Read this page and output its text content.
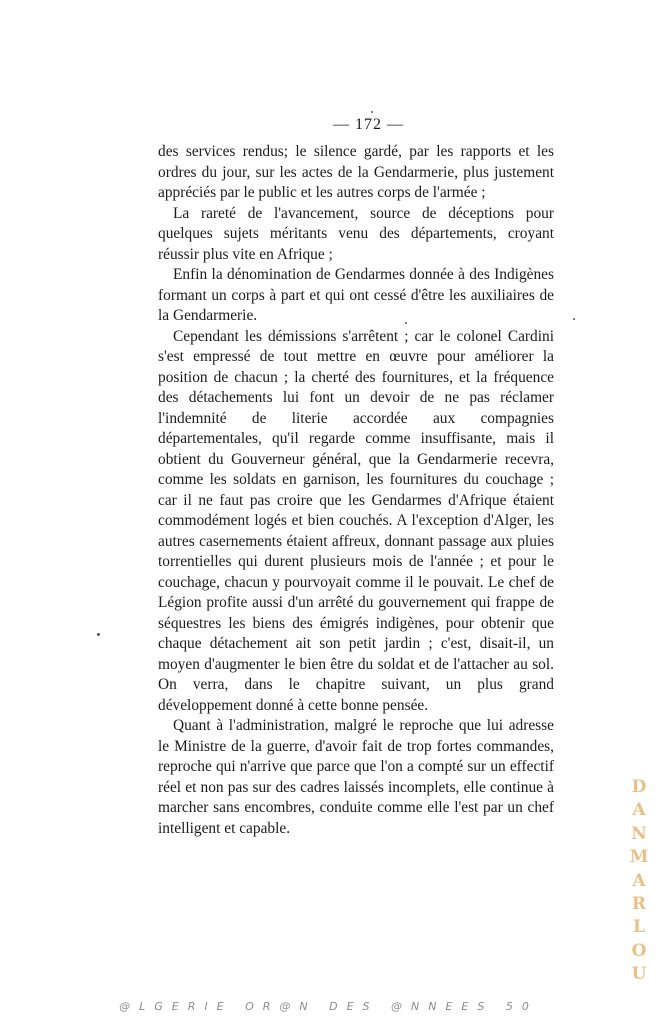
— 172 —

des services rendus; le silence gardé, par les rapports et les ordres du jour, sur les actes de la Gendarmerie, plus justement appréciés par le public et les autres corps de l'armée ;

La rareté de l'avancement, source de déceptions pour quelques sujets méritants venu des départements, croyant réussir plus vite en Afrique ;

Enfin la dénomination de Gendarmes donnée à des Indigènes formant un corps à part et qui ont cessé d'être les auxiliaires de la Gendarmerie.

Cependant les démissions s'arrêtent ; car le colonel Cardini s'est empressé de tout mettre en œuvre pour améliorer la position de chacun ; la cherté des fournitures, et la fréquence des détachements lui font un devoir de ne pas réclamer l'indemnité de literie accordée aux compagnies départementales, qu'il regarde comme insuffisante, mais il obtient du Gouverneur général, que la Gendarmerie recevra, comme les soldats en garnison, les fournitures du couchage ; car il ne faut pas croire que les Gendarmes d'Afrique étaient commodément logés et bien couchés. A l'exception d'Alger, les autres casernements étaient affreux, donnant passage aux pluies torrentielles qui durent plusieurs mois de l'année ; et pour le couchage, chacun y pourvoyait comme il le pouvait. Le chef de Légion profite aussi d'un arrêté du gouvernement qui frappe de séquestres les biens des émigrés indigènes, pour obtenir que chaque détachement ait son petit jardin ; c'est, disait-il, un moyen d'augmenter le bien être du soldat et de l'attacher au sol. On verra, dans le chapitre suivant, un plus grand développement donné à cette bonne pensée.

Quant à l'administration, malgré le reproche que lui adresse le Ministre de la guerre, d'avoir fait de trop fortes commandes, reproche qui n'arrive que parce que l'on a compté sur un effectif réel et non pas sur des cadres laissés incomplets, elle continue à marcher sans encombres, conduite comme elle l'est par un chef intelligent et capable.

D
A
N
M
A
R
L
O
U
@LGERIE OR@N DES @NNEES 50
